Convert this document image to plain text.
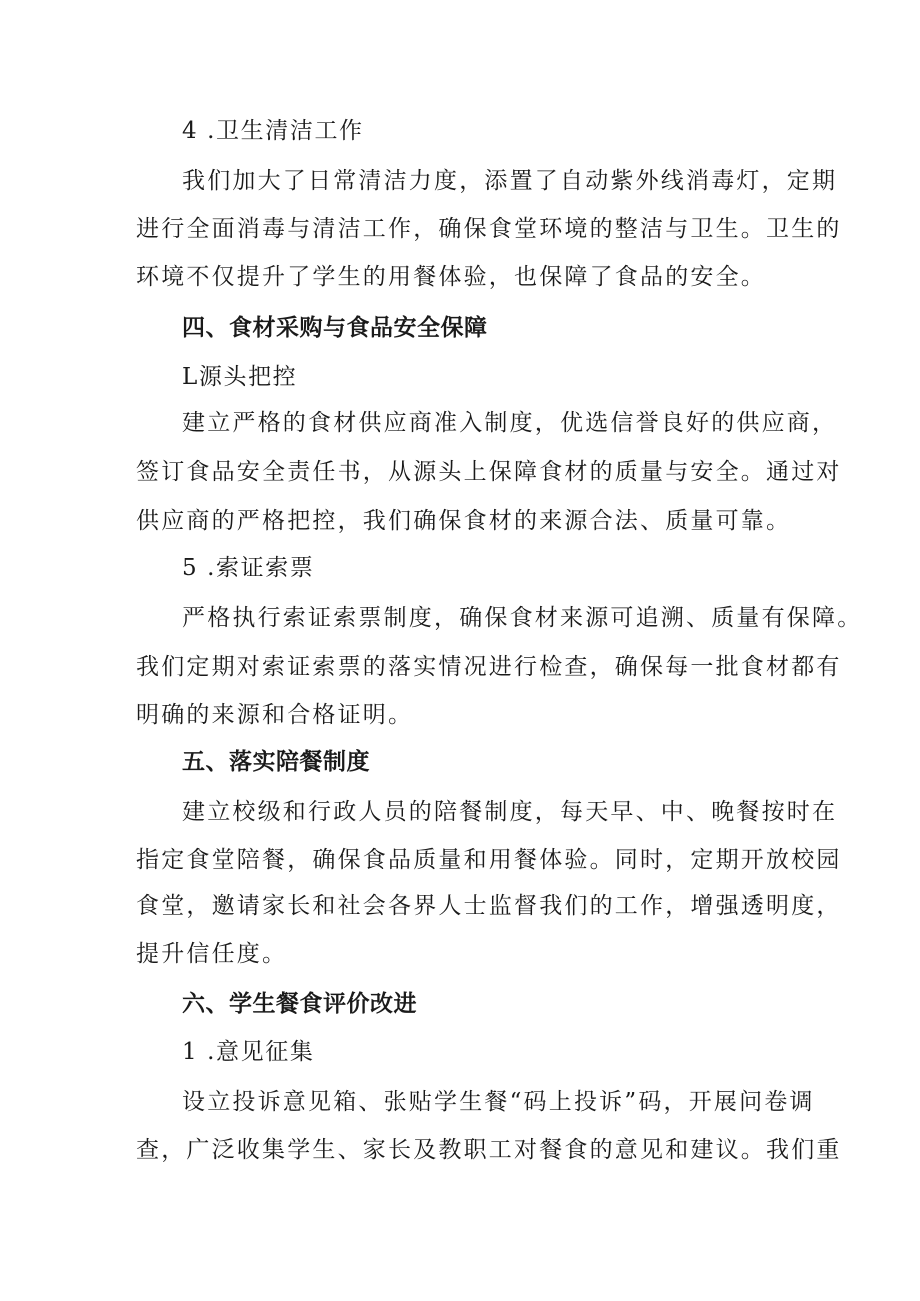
4 .卫生清洁工作
我们加大了日常清洁力度，添置了自动紫外线消毒灯，定期
进行全面消毒与清洁工作，确保食堂环境的整洁与卫生。卫生的
环境不仅提升了学生的用餐体验，也保障了食品的安全。
四、食材采购与食品安全保障
L源头把控
建立严格的食材供应商准入制度，优选信誉良好的供应商，
签订食品安全责任书，从源头上保障食材的质量与安全。通过对
供应商的严格把控，我们确保食材的来源合法、质量可靠。
5 .索证索票
严格执行索证索票制度，确保食材来源可追溯、质量有保障。
我们定期对索证索票的落实情况进行检查，确保每一批食材都有
明确的来源和合格证明。
五、落实陪餐制度
建立校级和行政人员的陪餐制度，每天早、中、晚餐按时在
指定食堂陪餐，确保食品质量和用餐体验。同时，定期开放校园
食堂，邀请家长和社会各界人士监督我们的工作，增强透明度，
提升信任度。
六、学生餐食评价改进
1 .意见征集
设立投诉意见箱、张贴学生餐“码上投诉”码，开展问卷调
查，广泛收集学生、家长及教职工对餐食的意见和建议。我们重
